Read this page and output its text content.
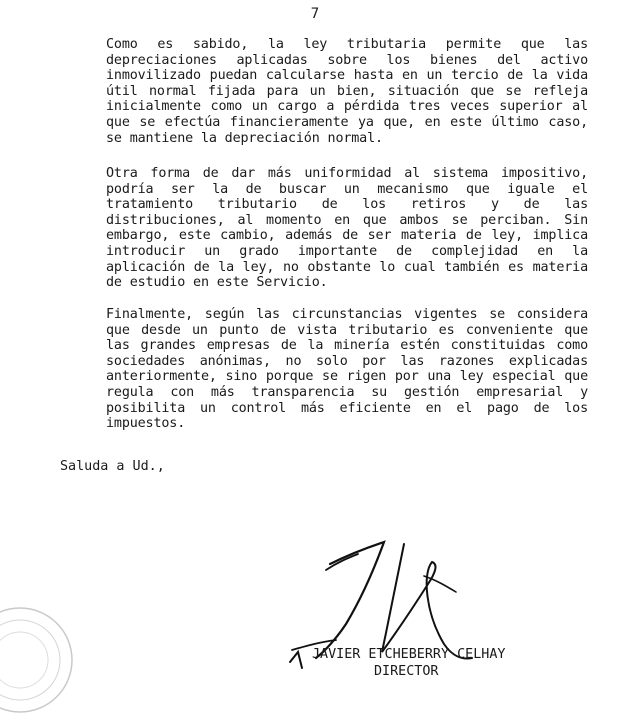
7

Como es sabido, la ley tributaria permite que las
depreciaciones aplicadas sobre los bienes del activo
inmovilizado puedan calcularse hasta en un tercio de la vida
útil normal fijada para un bien, situación que se refleja
inicialmente como un cargo a pérdida tres veces superior al
que se efectúa financieramente ya que, en este último caso,
se mantiene la depreciación normal.

Otra forma de dar más uniformidad al sistema impositivo,
podría ser la de buscar un mecanismo que iguale el
tratamiento tributario de los retiros y de las
distribuciones, al momento en que ambos se perciban. Sin
embargo, este cambio, además de ser materia de ley, implica
introducir un grado importante de complejidad en la
aplicación de la ley, no obstante lo cual también es materia
de estudio en este Servicio.

Finalmente, según las circunstancias vigentes se considera
que desde un punto de vista tributario es conveniente que
las grandes empresas de la minería estén constituidas como
sociedades anónimas, no solo por las razones explicadas
anteriormente, sino porque se rigen por una ley especial que
regula con más transparencia su gestión empresarial y
posibilita un control más eficiente en el pago de los
impuestos.

Saluda a Ud.,
JAVIER ETCHEBERRY CELHAY
DIRECTOR
